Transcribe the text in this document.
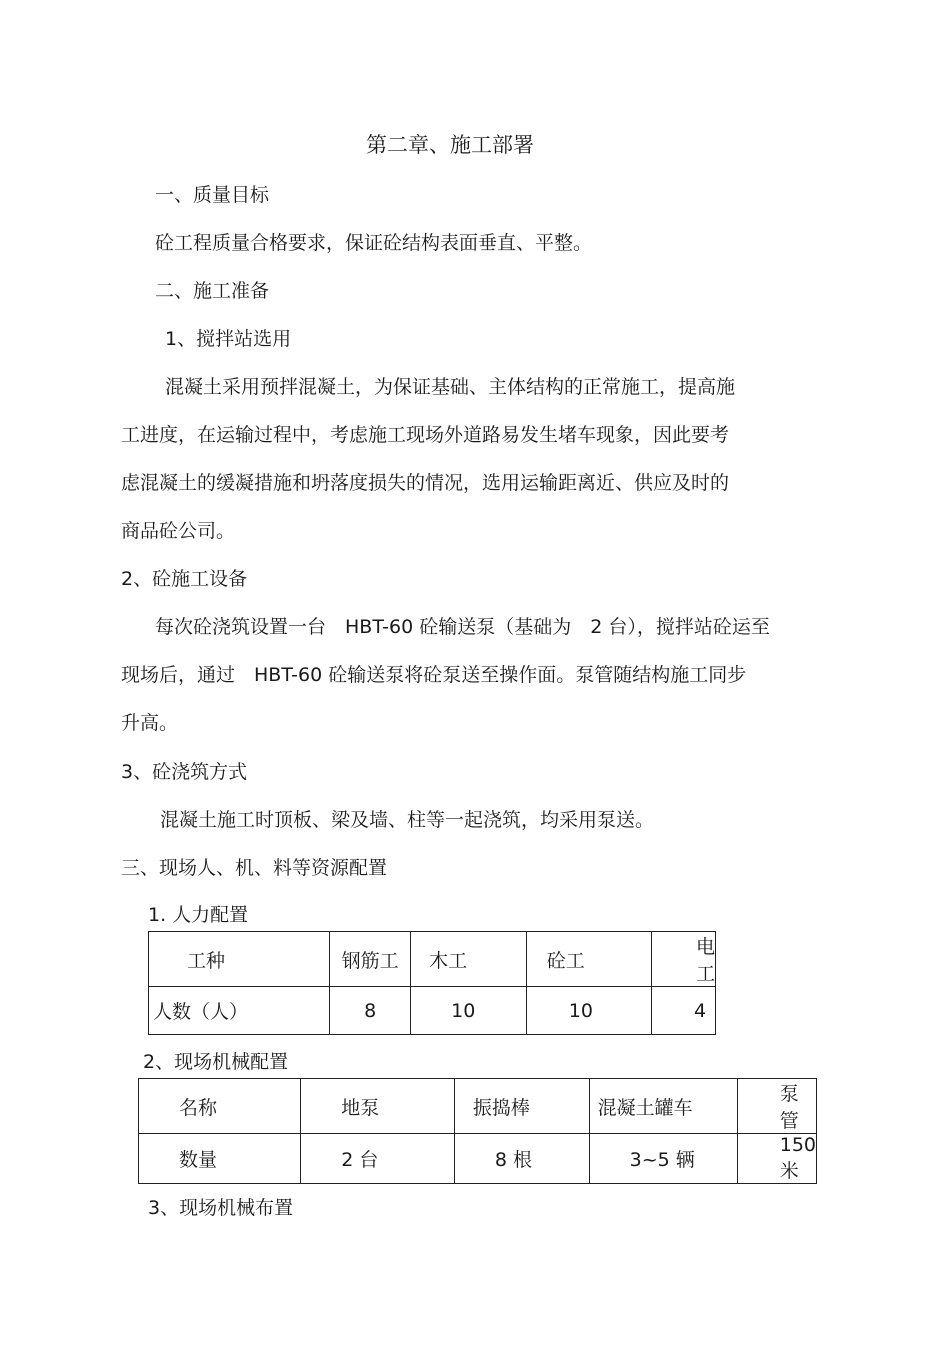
第二章、施工部署
一、质量目标
砼工程质量合格要求，保证砼结构表面垂直、平整。
二、施工准备
1、搅拌站选用
混凝土采用预拌混凝土，为保证基础、主体结构的正常施工，提高施
工进度，在运输过程中，考虑施工现场外道路易发生堵车现象，因此要考
虑混凝土的缓凝措施和坍落度损失的情况，选用运输距离近、供应及时的
商品砼公司。
2、砼施工设备
每次砼浇筑设置一台　HBT-60 砼输送泵（基础为　2 台），搅拌站砼运至
现场后，通过　HBT-60 砼输送泵将砼泵送至操作面。泵管随结构施工同步
升高。
3、砼浇筑方式
混凝土施工时顶板、梁及墙、柱等一起浇筑，均采用泵送。
三、现场人、机、料等资源配置
1. 人力配置
工种	钢筋工	木工	砼工	电工
人数（人）	8	10	10	4
2、现场机械配置
名称	地泵	振捣棒	混凝土罐车	泵管
数量	2 台	8 根	3~5 辆	150 米
3、现场机械布置
